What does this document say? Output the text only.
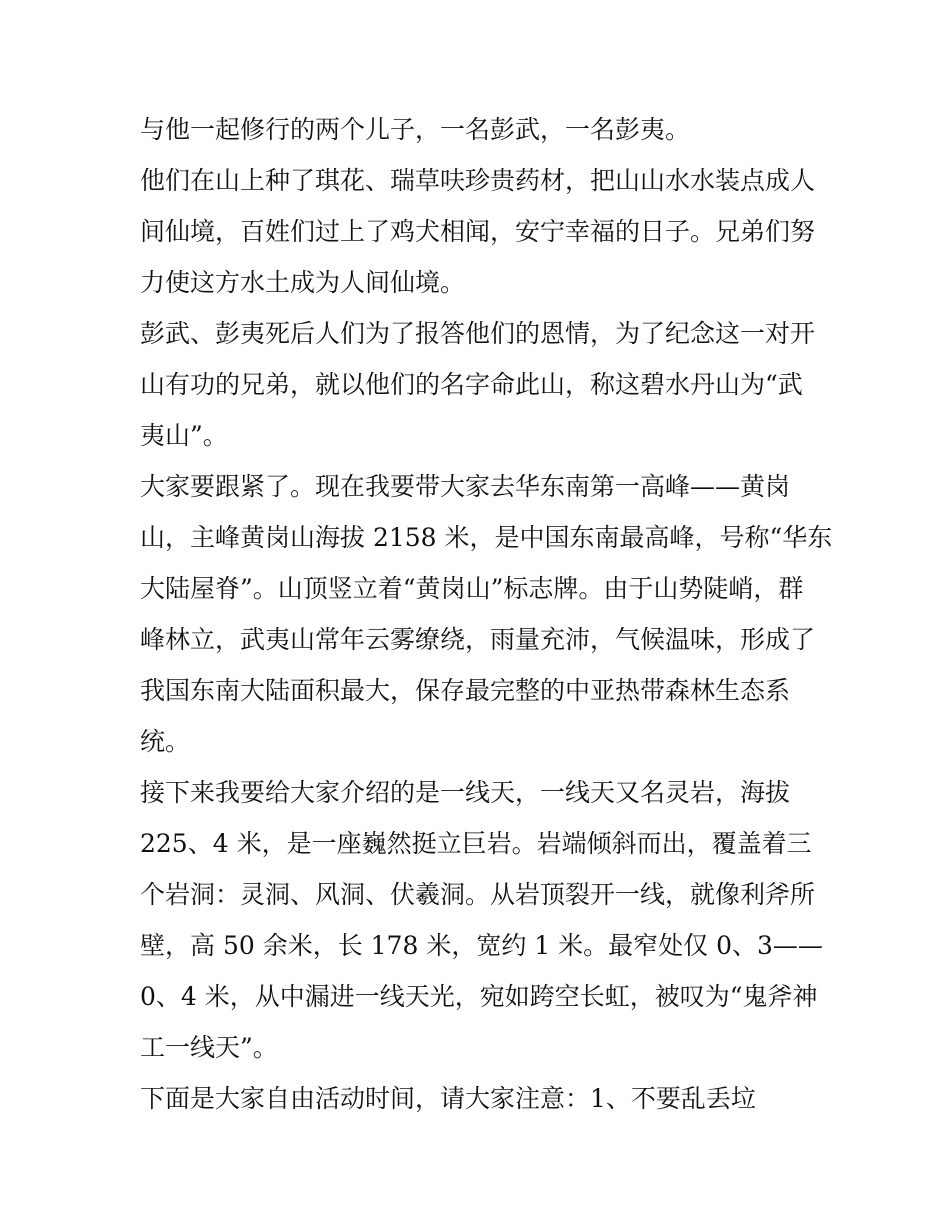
与他一起修行的两个儿子，一名彭武，一名彭夷。
他们在山上种了琪花、瑞草呋珍贵药材，把山山水水装点成人
间仙境，百姓们过上了鸡犬相闻，安宁幸福的日子。兄弟们努
力使这方水土成为人间仙境。
彭武、彭夷死后人们为了报答他们的恩情，为了纪念这一对开
山有功的兄弟，就以他们的名字命此山，称这碧水丹山为“武
夷山”。
大家要跟紧了。现在我要带大家去华东南第一高峰——黄岗
山，主峰黄岗山海拔 2158 米，是中国东南最高峰，号称“华东
大陆屋脊”。山顶竖立着“黄岗山”标志牌。由于山势陡峭，群
峰林立，武夷山常年云雾缭绕，雨量充沛，气候温味，形成了
我国东南大陆面积最大，保存最完整的中亚热带森林生态系
统。
接下来我要给大家介绍的是一线天，一线天又名灵岩，海拔
225、4 米，是一座巍然挺立巨岩。岩端倾斜而出，覆盖着三
个岩洞：灵洞、风洞、伏羲洞。从岩顶裂开一线，就像利斧所
壁，高 50 余米，长 178 米，宽约 1 米。最窄处仅 0、3——
0、4 米，从中漏进一线天光，宛如跨空长虹，被叹为“鬼斧神
工一线天”。
下面是大家自由活动时间，请大家注意：1、不要乱丢垃
